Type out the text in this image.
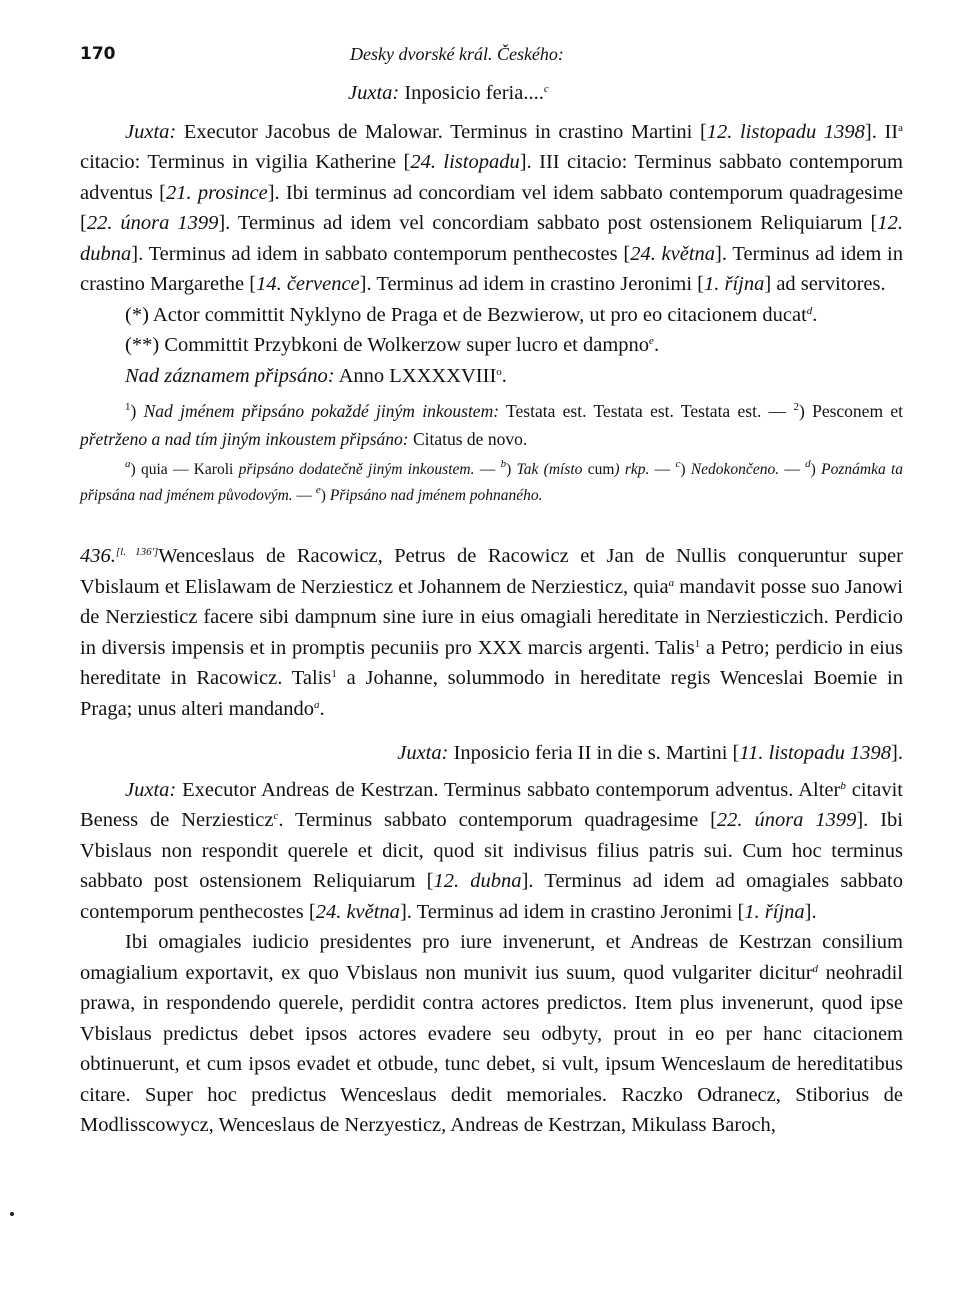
170	Desky dvorské král. Českého:

Juxta: Inposicio feria....$^c$

Juxta: Executor Jacobus de Malowar. Terminus in crastino Martini [12. listopadu 1398]. $II^a$ citacio: Terminus in vigilia Katherine [24. listopadu]. III citacio: Terminus sabbato contemporum adventus [21. prosince]. Ibi terminus ad concordiam vel idem sabbato contemporum quadragesime [22. února 1399]. Terminus ad idem vel concordiam sabbato post ostensionem Reliquiarum [12. dubna]. Terminus ad idem in sabbato contemporum penthecostes [24. května]. Terminus ad idem in crastino Margarethe [14. července]. Terminus ad idem in crastino Jeronimi [1. října] ad servitores.

(*) Actor committit Nyklyno de Praga et de Bezwierow, ut pro eo citacionem ducat$^d$.

(**) Committit Przybkoni de Wolkerzow super lucro et dampno$^e$.

Nad záznamem připsáno: Anno LXXXXVIII$^o$.

$^1$) Nad jménem připsáno pokaždé jiným inkoustem: Testata est. Testata est. Testata est. — $^2$) Pesconem et přetrženo a nad tím jiným inkoustem připsáno: Citatus de novo.

$^a$) quia — Karoli připsáno dodatečně jiným inkoustem. — $^b$) Tak (místo cum) rkp. — $^c$) Nedokončeno. — $^d$) Poznámka ta připsána nad jménem původovým. — $^e$) Připsáno nad jménem pohnaného.

436.[l. 136']Wenceslaus de Racowicz, Petrus de Racowicz et Jan de Nullis conqueruntur super Vbislaum et Elislawam de Nerziesticz et Johannem de Nerziesticz, quia$^a$ mandavit posse suo Janowi de Nerziesticz facere sibi dampnum sine iure in eius omagiali hereditate in Nerziesticzich. Perdicio in diversis impensis et in promptis pecuniis pro XXX marcis argenti. Talis$^1$ a Petro; perdicio in eius hereditate in Racowicz. Talis$^1$ a Johanne, solummodo in hereditate regis Wenceslai Boemie in Praga; unus alteri mandando$^a$.

Juxta: Inposicio feria II in die s. Martini [11. listopadu 1398].

Juxta: Executor Andreas de Kestrzan. Terminus sabbato contemporum adventus. Alter$^b$ citavit Beness de Nerziesticz$^c$. Terminus sabbato contemporum quadragesime [22. února 1399]. Ibi Vbislaus non respondit querele et dicit, quod sit indivisus filius patris sui. Cum hoc terminus sabbato post ostensionem Reliquiarum [12. dubna]. Terminus ad idem ad omagiales sabbato contemporum penthecostes [24. května]. Terminus ad idem in crastino Jeronimi [1. října].

Ibi omagiales iudicio presidentes pro iure invenerunt, et Andreas de Kestrzan consilium omagialium exportavit, ex quo Vbislaus non munivit ius suum, quod vulgariter dicitur$^d$ neohradil prawa, in respondendo querele, perdidit contra actores predictos. Item plus invenerunt, quod ipse Vbislaus predictus debet ipsos actores evadere seu odbyty, prout in eo per hanc citacionem obtinuerunt, et cum ipsos evadet et otbude, tunc debet, si vult, ipsum Wenceslaum de hereditatibus citare. Super hoc predictus Wenceslaus dedit memoriales. Raczko Odranecz, Stiborius de Modlisscowycz, Wenceslaus de Nerzyesticz, Andreas de Kestrzan, Mikulass Baroch,
